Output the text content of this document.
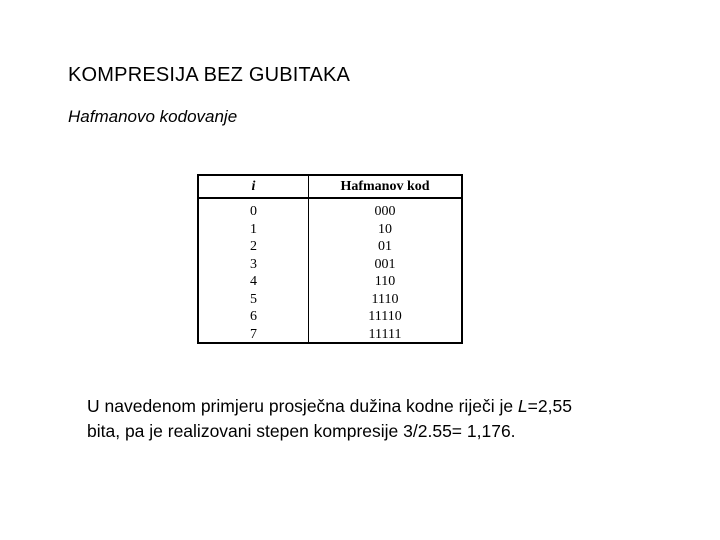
KOMPRESIJA BEZ GUBITAKA
Hafmanovo kodovanje
i	Hafmanov kod
0
1
2
3
4
5
6
7
000
10
01
001
110
1110
11110
11111
U navedenom primjeru prosječna dužina kodne riječi je L=2,55
bita, pa je realizovani stepen kompresije 3/2.55= 1,176.
